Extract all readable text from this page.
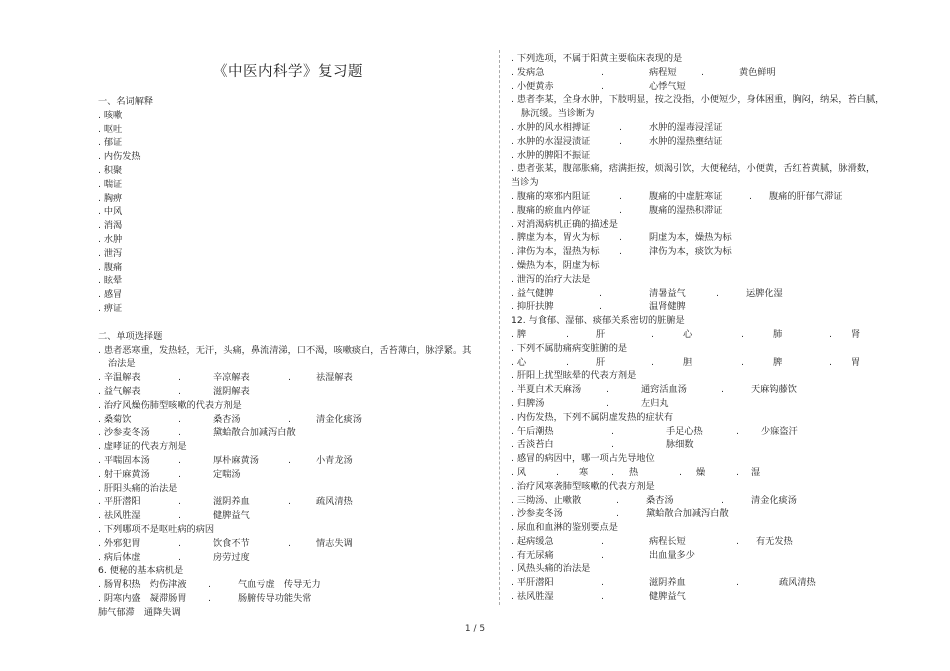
《中医内科学》复习题
一、名词解释
. 咳嗽
. 呕吐
. 郁证
. 内伤发热
. 积聚
. 喘证
. 胸痹
. 中风
. 消渴
. 水肿
. 泄泻
. 腹痛
. 眩晕
. 感冒
. 痹证
二、单项选择题
. 患者恶寒重，发热轻，无汗，头痛，鼻流清涕，口不渴，咳嗽痰白，舌苔薄白，脉浮紧。其
治法是
. 辛温解表	.	辛凉解表	.	祛湿解表
. 益气解表	.	滋阴解表
. 治疗风燥伤肺型咳嗽的代表方剂是
. 桑菊饮	.	桑杏汤	.	清金化痰汤
. 沙参麦冬汤	.	黛蛤散合加减泻白散
. 虚哮证的代表方剂是
. 平喘固本汤	.	厚朴麻黄汤	.	小青龙汤
. 射干麻黄汤	.	定喘汤
. 肝阳头痛的治法是
. 平肝潜阳	.	滋阴养血	.	疏风清热
. 祛风胜湿	.	健脾益气
. 下列哪项不是呕吐病的病因
. 外邪犯胃	.	饮食不节	.	情志失调
. 病后体虚	.	房劳过度
6. 便秘的基本病机是
. 肠胃积热　灼伤津液 .	气血亏虚　传导无力
. 阴寒内盛　凝滞肠胃 .	肠腑传导功能失常
肺气郁滞　通降失调
. 下列选项，不属于阳黄主要临床表现的是
. 发病急	.	病程短	.	黄色鲜明
. 小便黄赤	.	心悸气短
. 患者李某，全身水肿，下肢明显，按之没指，小便短少，身体困重，胸闷，纳呆，苔白腻，
脉沉缓。当诊断为
. 水肿的风水相搏证	.	水肿的湿毒浸淫证
. 水肿的水湿浸渍证	.	水肿的湿热壅结证
. 水肿的脾阳不振证
. 患者张某，腹部胀痛，痞满拒按，烦渴引饮，大便秘结，小便黄，舌红苔黄腻，脉滑数，
当诊为
. 腹痛的寒邪内阻证	.	腹痛的中虚脏寒证	. 腹痛的肝郁气滞证
. 腹痛的瘀血内停证	.	腹痛的湿热积滞证
. 对消渴病机正确的描述是
. 脾虚为本，胃火为标 .	阴虚为本，燥热为标
. 津伤为本，湿热为标 .	津伤为本，痰饮为标
. 燥热为本，阴虚为标
. 泄泻的治疗大法是
. 益气健脾	.	清暑益气	.	运脾化湿
. 抑肝扶脾	.	温肾健脾
12. 与食郁、湿郁、痰郁关系密切的脏腑是
. 脾	.	肝	.	心	.	肺	. 肾
. 下列不属肋痛病变脏腑的是
. 心	.	肝	.	胆	.	脾	. 胃
. 肝阳上扰型眩晕的代表方剂是
. 半夏白术天麻汤	.	通窍活血汤	.	天麻钩藤饮
. 归脾汤	.	左归丸
. 内伤发热，下列不属阴虚发热的症状有
. 午后潮热	.	手足心热	. 少寐盗汗
. 舌淡苔白	.	脉细数
. 感冒的病因中，哪一项占先导地位
. 风	. 寒 . 热	. 燥	. 湿
. 治疗风寒袭肺型咳嗽的代表方剂是
. 三拗汤、止嗽散	.	桑杏汤	.	清金化痰汤
. 沙参麦冬汤	.	黛蛤散合加减泻白散
. 尿血和血淋的鉴别要点是
. 起病缓急	.	病程长短	. 有无发热
. 有无尿痛	.	出血量多少
. 风热头痛的治法是
. 平肝潜阳	.	滋阴养血	.	疏风清热
. 祛风胜湿	.	健脾益气
1 / 5
